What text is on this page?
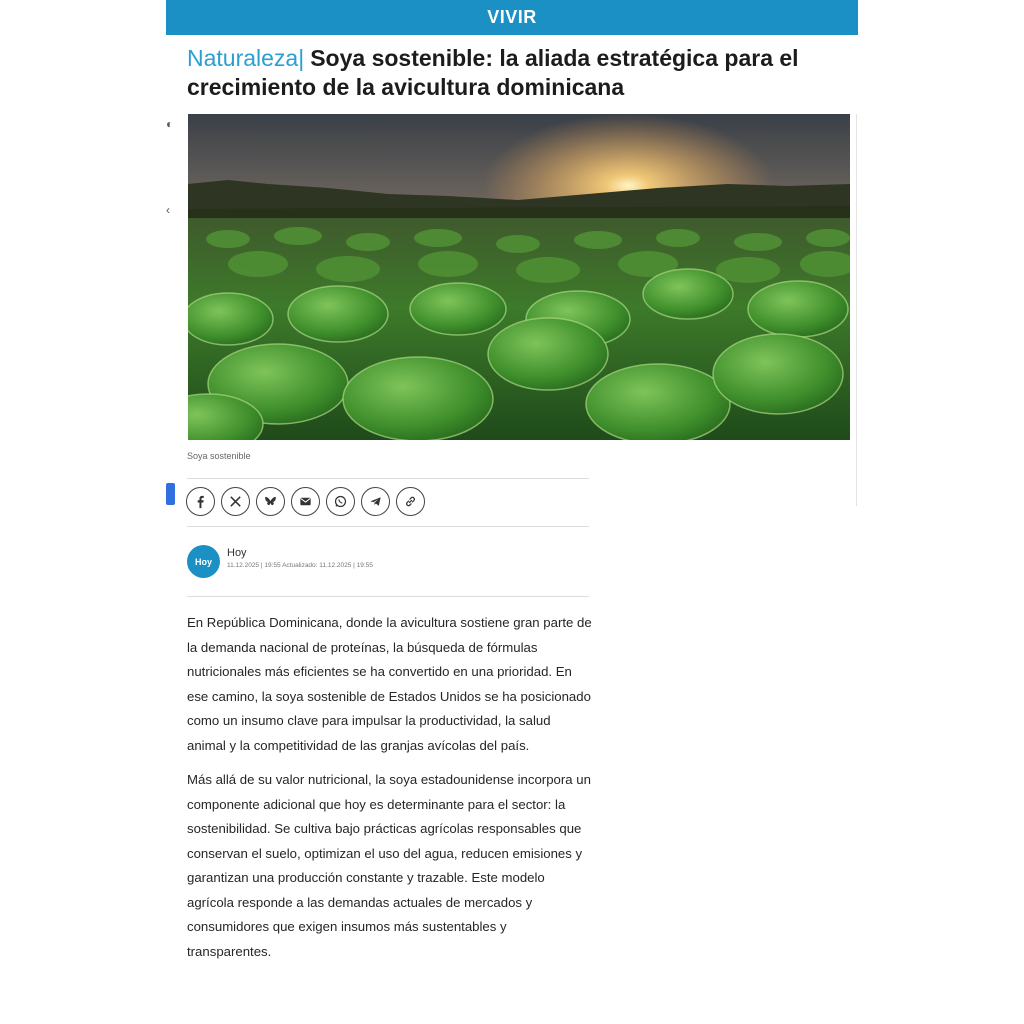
VIVIR
Naturaleza| Soya sostenible: la aliada estratégica para el crecimiento de la avicultura dominicana
◐
‹
Soya sostenible
Hoy
Hoy
11.12.2025 | 19:55 Actualizado: 11.12.2025 | 19:55

En República Dominicana, donde la avicultura sostiene gran parte de la demanda nacional de proteínas, la búsqueda de fórmulas nutricionales más eficientes se ha convertido en una prioridad. En ese camino, la soya sostenible de Estados Unidos se ha posicionado como un insumo clave para impulsar la productividad, la salud animal y la competitividad de las granjas avícolas del país.

Más allá de su valor nutricional, la soya estadounidense incorpora un componente adicional que hoy es determinante para el sector: la sostenibilidad. Se cultiva bajo prácticas agrícolas responsables que conservan el suelo, optimizan el uso del agua, reducen emisiones y garantizan una producción constante y trazable. Este modelo agrícola responde a las demandas actuales de mercados y consumidores que exigen insumos más sustentables y transparentes.
